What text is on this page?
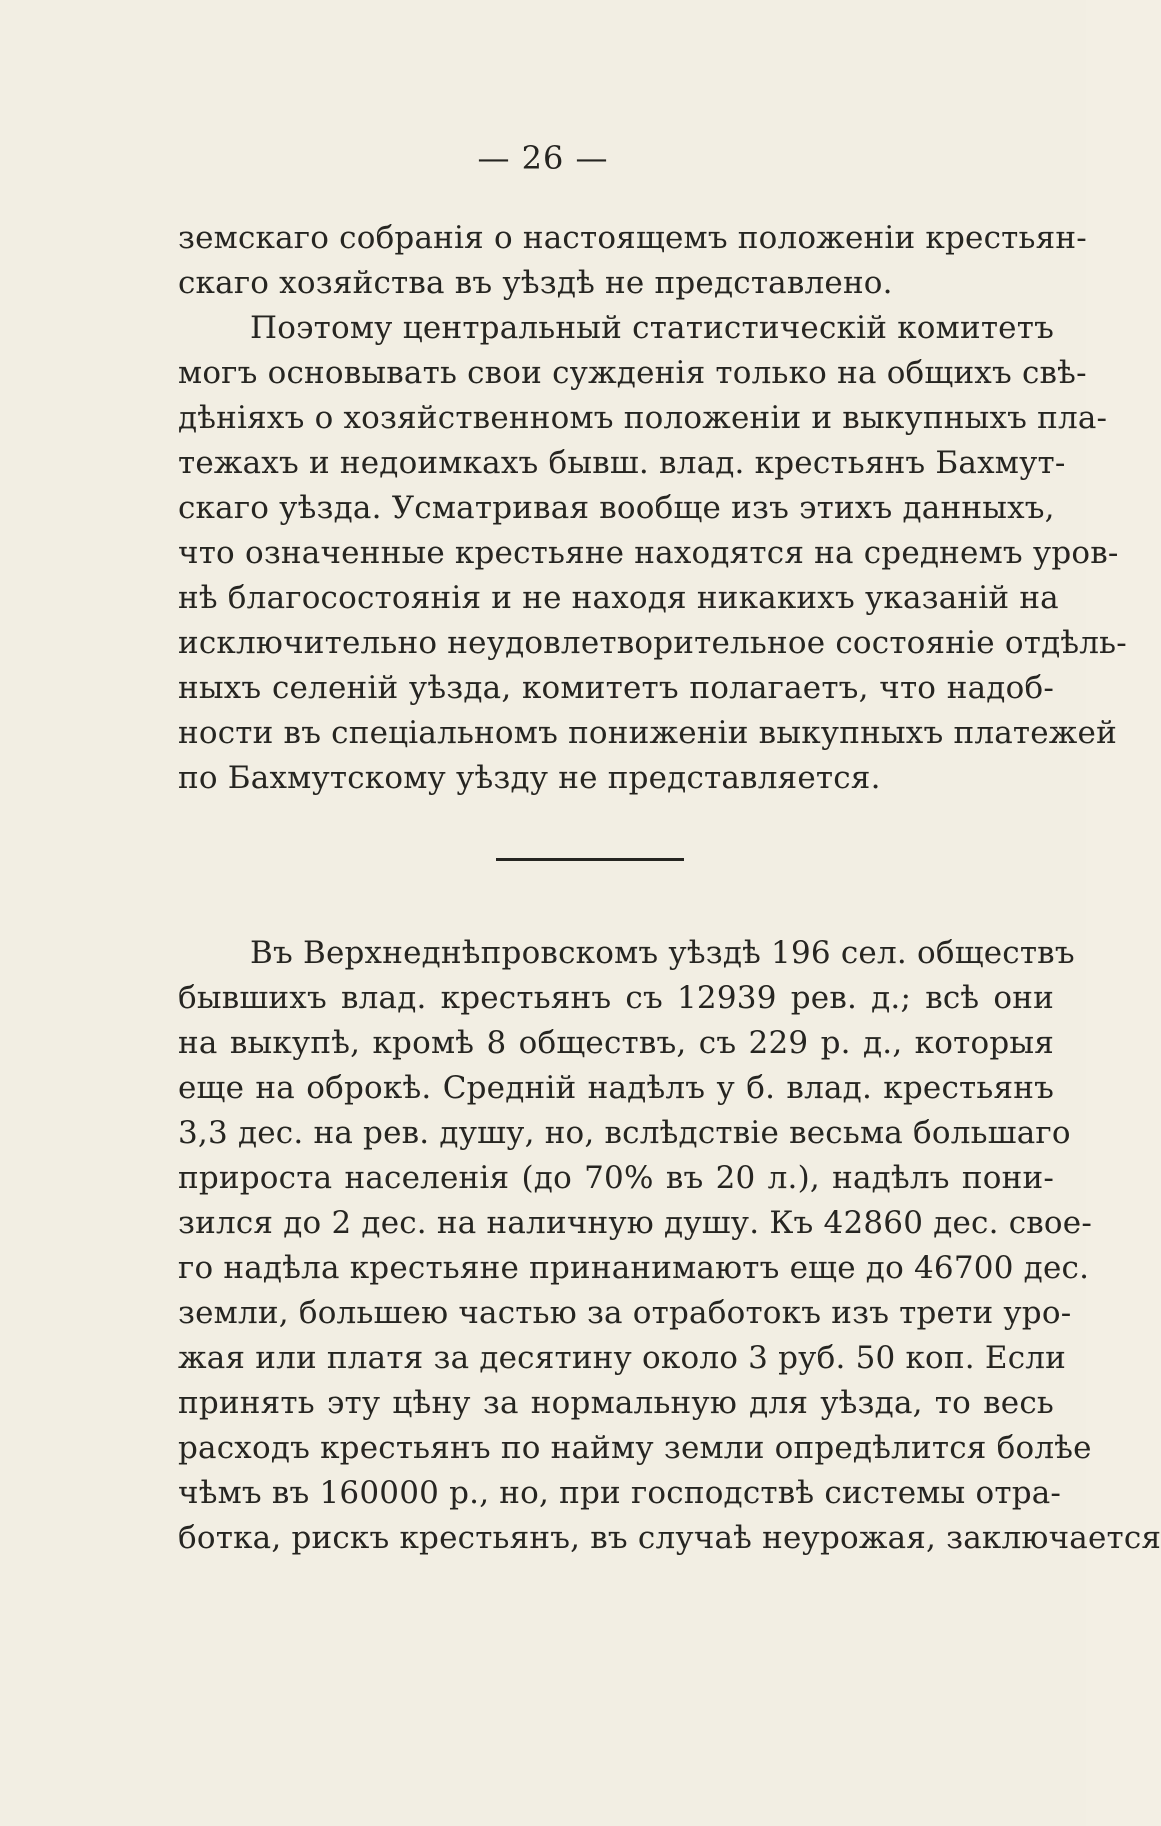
— 26 —
земскаго собранія о настоящемъ положеніи крестьян-
скаго хозяйства въ уѣздѣ не представлено.
Поэтому центральный статистическій комитетъ
могъ основывать свои сужденія только на общихъ свѣ-
дѣніяхъ о хозяйственномъ положеніи и выкупныхъ пла-
тежахъ и недоимкахъ бывш. влад. крестьянъ Бахмут-
скаго уѣзда. Усматривая вообще изъ этихъ данныхъ,
что означенные крестьяне находятся на среднемъ уров-
нѣ благосостоянія и не находя никакихъ указаній на
исключительно неудовлетворительное состояніе отдѣль-
ныхъ селеній уѣзда, комитетъ полагаетъ, что надоб-
ности въ спеціальномъ пониженіи выкупныхъ платежей
по Бахмутскому уѣзду не представляется.
Въ Верхнеднѣпровскомъ уѣздѣ 196 сел. обществъ
бывшихъ влад. крестьянъ съ 12939 рев. д.; всѣ они
на выкупѣ, кромѣ 8 обществъ, съ 229 р. д., которыя
еще на оброкѣ. Средній надѣлъ у б. влад. крестьянъ
3,3 дес. на рев. душу, но, вслѣдствіе весьма большаго
прироста населенія (до 70% въ 20 л.), надѣлъ пони-
зился до 2 дес. на наличную душу. Къ 42860 дес. свое-
го надѣла крестьяне принанимаютъ еще до 46700 дес.
земли, большею частью за отработокъ изъ трети уро-
жая или платя за десятину около 3 руб. 50 коп. Если
принять эту цѣну за нормальную для уѣзда, то весь
расходъ крестьянъ по найму земли опредѣлится болѣе
чѣмъ въ 160000 р., но, при господствѣ системы отра-
ботка, рискъ крестьянъ, въ случаѣ неурожая, заключается
